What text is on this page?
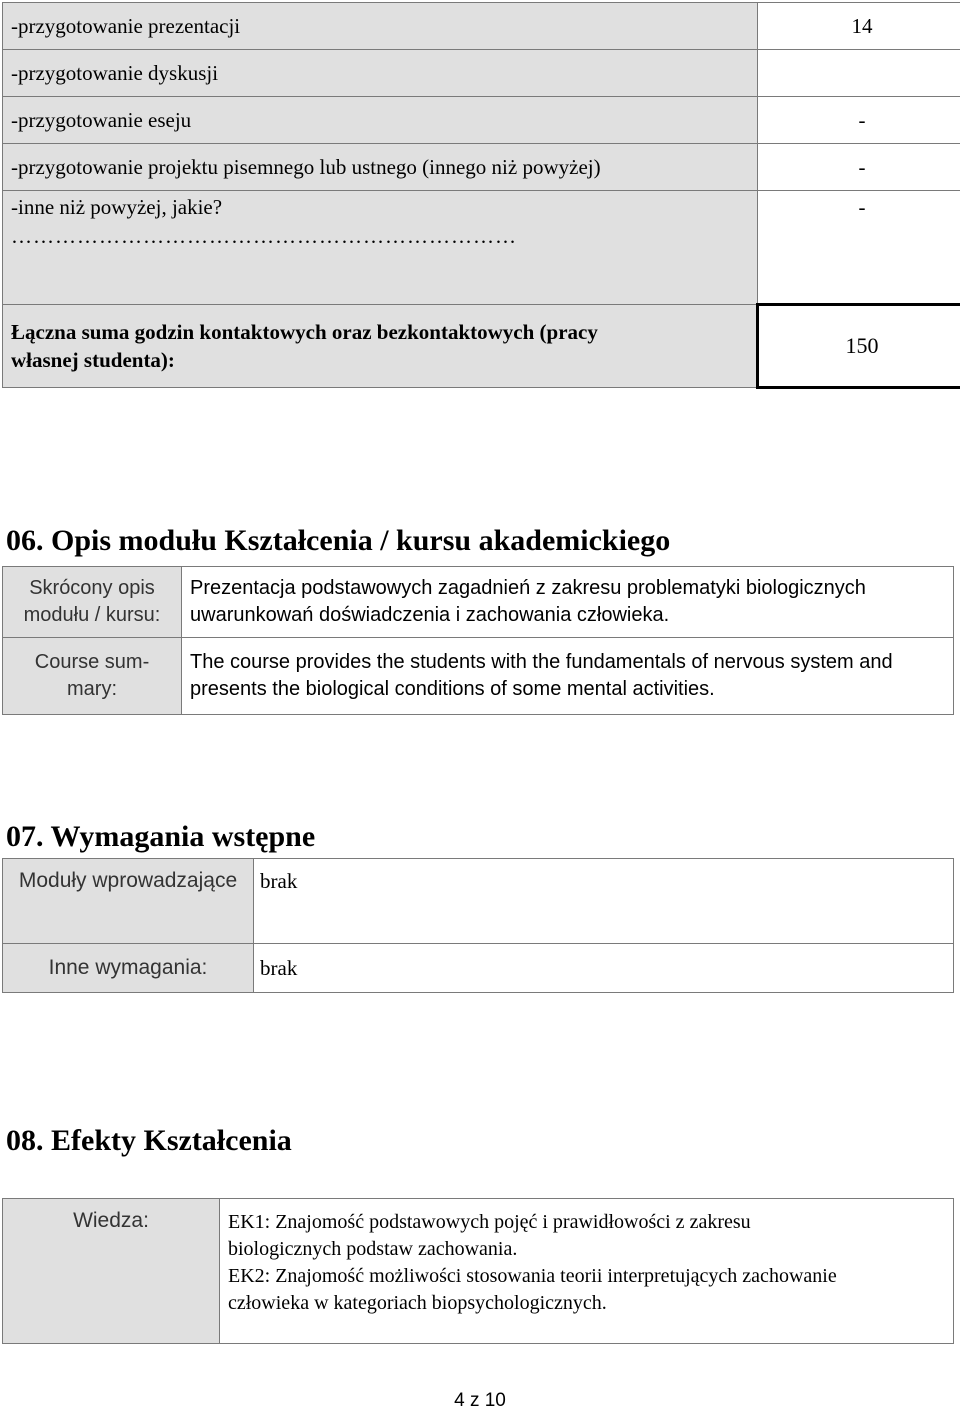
-przygotowanie prezentacji	14
-przygotowanie dyskusji	
-przygotowanie eseju	-
-przygotowanie projektu pisemnego lub ustnego (innego niż powyżej)	-
-inne niż powyżej, jakie?
……………………………………………………………	-
Łączna suma godzin kontaktowych oraz bezkontaktowych (pracy
własnej studenta):	150
06. Opis modułu Kształcenia / kursu akademickiego
Skrócony opis
modułu / kursu:	Prezentacja podstawowych zagadnień z zakresu problematyki biologicznych
uwarunkowań doświadczenia i zachowania człowieka.
Course sum-
mary:	The course provides the students with the fundamentals of nervous system and
presents the biological conditions of some mental activities.
07. Wymagania wstępne
Moduły wprowadzające	brak
Inne wymagania:	brak
08. Efekty Kształcenia
Wiedza:	EK1: Znajomość podstawowych pojęć i prawidłowości z zakresu
biologicznych podstaw zachowania.
EK2: Znajomość możliwości stosowania teorii interpretujących zachowanie
człowieka w kategoriach biopsychologicznych.
4 z 10
